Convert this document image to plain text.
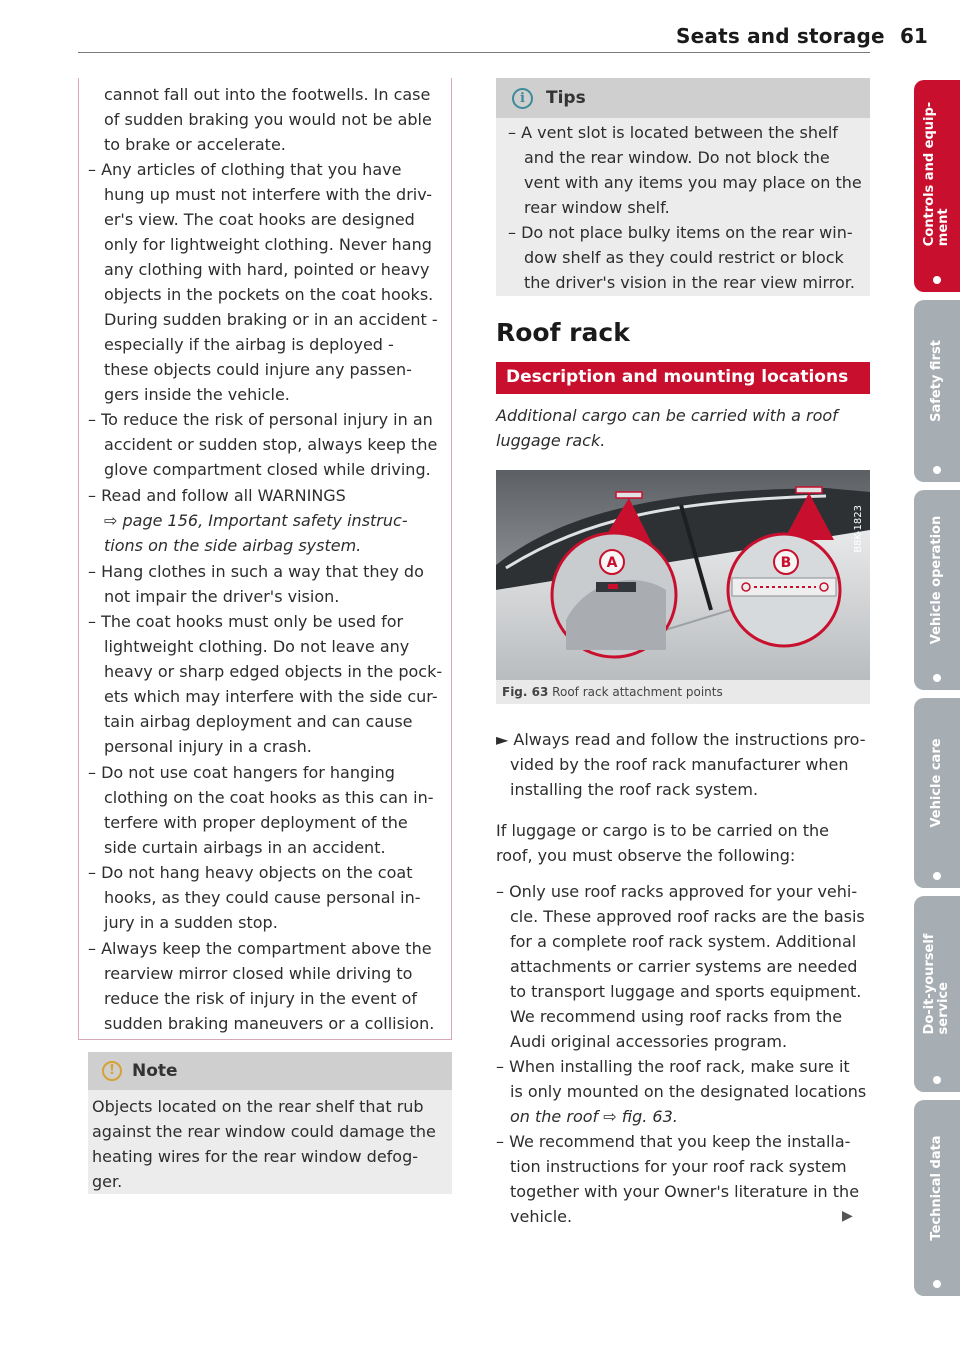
Seats and storage 61
cannot fall out into the footwells. In case
of sudden braking you would not be able
to brake or accelerate.
– Any articles of clothing that you have
hung up must not interfere with the driv-
er's view. The coat hooks are designed
only for lightweight clothing. Never hang
any clothing with hard, pointed or heavy
objects in the pockets on the coat hooks.
During sudden braking or in an accident -
especially if the airbag is deployed -
these objects could injure any passen-
gers inside the vehicle.
– To reduce the risk of personal injury in an
accident or sudden stop, always keep the
glove compartment closed while driving.
– Read and follow all WARNINGS
⇨ page 156, Important safety instruc-
tions on the side airbag system.
– Hang clothes in such a way that they do
not impair the driver's vision.
– The coat hooks must only be used for
lightweight clothing. Do not leave any
heavy or sharp edged objects in the pock-
ets which may interfere with the side cur-
tain airbag deployment and can cause
personal injury in a crash.
– Do not use coat hangers for hanging
clothing on the coat hooks as this can in-
terfere with proper deployment of the
side curtain airbags in an accident.
– Do not hang heavy objects on the coat
hooks, as they could cause personal in-
jury in a sudden stop.
– Always keep the compartment above the
rearview mirror closed while driving to
reduce the risk of injury in the event of
sudden braking maneuvers or a collision.
!	Note
Objects located on the rear shelf that rub
against the rear window could damage the
heating wires for the rear window defog-
ger.
i	Tips
– A vent slot is located between the shelf
and the rear window. Do not block the
vent with any items you may place on the
rear window shelf.
– Do not place bulky items on the rear win-
dow shelf as they could restrict or block
the driver's vision in the rear view mirror.
Roof rack
Description and mounting locations
Additional cargo can be carried with a roof
luggage rack.
A	B
B8K-1823
Fig. 63 Roof rack attachment points
► Always read and follow the instructions pro-
vided by the roof rack manufacturer when
installing the roof rack system.
If luggage or cargo is to be carried on the
roof, you must observe the following:
– Only use roof racks approved for your vehi-
cle. These approved roof racks are the basis
for a complete roof rack system. Additional
attachments or carrier systems are needed
to transport luggage and sports equipment.
We recommend using roof racks from the
Audi original accessories program.
– When installing the roof rack, make sure it
is only mounted on the designated locations
on the roof ⇨ fig. 63.
– We recommend that you keep the installa-
tion instructions for your roof rack system
together with your Owner's literature in the
vehicle.	▶
Controls and equip-
ment
Safety first
Vehicle operation
Vehicle care
Do-it-yourself
service
Technical data
